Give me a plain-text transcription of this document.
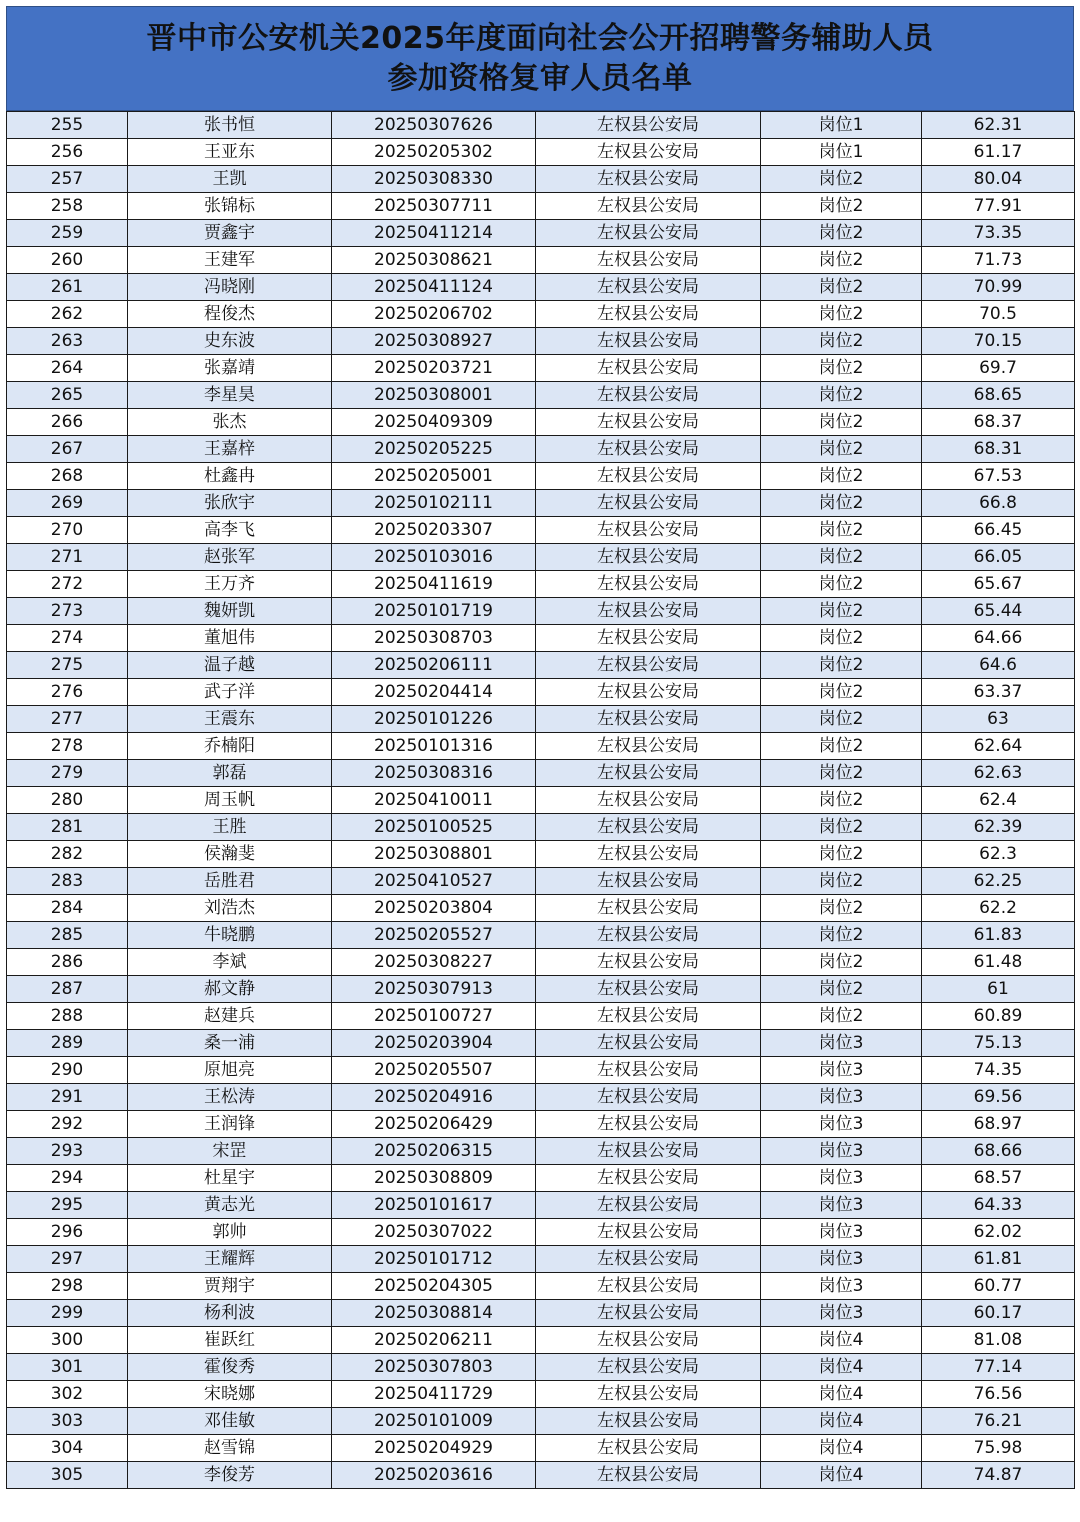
晋中市公安机关2025年度面向社会公开招聘警务辅助人员
参加资格复审人员名单
255	张书恒	20250307626	左权县公安局	岗位1	62.31
256	王亚东	20250205302	左权县公安局	岗位1	61.17
257	王凯	20250308330	左权县公安局	岗位2	80.04
258	张锦标	20250307711	左权县公安局	岗位2	77.91
259	贾鑫宇	20250411214	左权县公安局	岗位2	73.35
260	王建军	20250308621	左权县公安局	岗位2	71.73
261	冯晓刚	20250411124	左权县公安局	岗位2	70.99
262	程俊杰	20250206702	左权县公安局	岗位2	70.5
263	史东波	20250308927	左权县公安局	岗位2	70.15
264	张嘉靖	20250203721	左权县公安局	岗位2	69.7
265	李星昊	20250308001	左权县公安局	岗位2	68.65
266	张杰	20250409309	左权县公安局	岗位2	68.37
267	王嘉梓	20250205225	左权县公安局	岗位2	68.31
268	杜鑫冉	20250205001	左权县公安局	岗位2	67.53
269	张欣宇	20250102111	左权县公安局	岗位2	66.8
270	高李飞	20250203307	左权县公安局	岗位2	66.45
271	赵张军	20250103016	左权县公安局	岗位2	66.05
272	王万齐	20250411619	左权县公安局	岗位2	65.67
273	魏妍凯	20250101719	左权县公安局	岗位2	65.44
274	董旭伟	20250308703	左权县公安局	岗位2	64.66
275	温子越	20250206111	左权县公安局	岗位2	64.6
276	武子洋	20250204414	左权县公安局	岗位2	63.37
277	王震东	20250101226	左权县公安局	岗位2	63
278	乔楠阳	20250101316	左权县公安局	岗位2	62.64
279	郭磊	20250308316	左权县公安局	岗位2	62.63
280	周玉帆	20250410011	左权县公安局	岗位2	62.4
281	王胜	20250100525	左权县公安局	岗位2	62.39
282	侯瀚斐	20250308801	左权县公安局	岗位2	62.3
283	岳胜君	20250410527	左权县公安局	岗位2	62.25
284	刘浩杰	20250203804	左权县公安局	岗位2	62.2
285	牛晓鹏	20250205527	左权县公安局	岗位2	61.83
286	李斌	20250308227	左权县公安局	岗位2	61.48
287	郝文静	20250307913	左权县公安局	岗位2	61
288	赵建兵	20250100727	左权县公安局	岗位2	60.89
289	桑一浦	20250203904	左权县公安局	岗位3	75.13
290	原旭亮	20250205507	左权县公安局	岗位3	74.35
291	王松涛	20250204916	左权县公安局	岗位3	69.56
292	王润锋	20250206429	左权县公安局	岗位3	68.97
293	宋罡	20250206315	左权县公安局	岗位3	68.66
294	杜星宇	20250308809	左权县公安局	岗位3	68.57
295	黄志光	20250101617	左权县公安局	岗位3	64.33
296	郭帅	20250307022	左权县公安局	岗位3	62.02
297	王耀辉	20250101712	左权县公安局	岗位3	61.81
298	贾翔宇	20250204305	左权县公安局	岗位3	60.77
299	杨利波	20250308814	左权县公安局	岗位3	60.17
300	崔跃红	20250206211	左权县公安局	岗位4	81.08
301	霍俊秀	20250307803	左权县公安局	岗位4	77.14
302	宋晓娜	20250411729	左权县公安局	岗位4	76.56
303	邓佳敏	20250101009	左权县公安局	岗位4	76.21
304	赵雪锦	20250204929	左权县公安局	岗位4	75.98
305	李俊芳	20250203616	左权县公安局	岗位4	74.87
